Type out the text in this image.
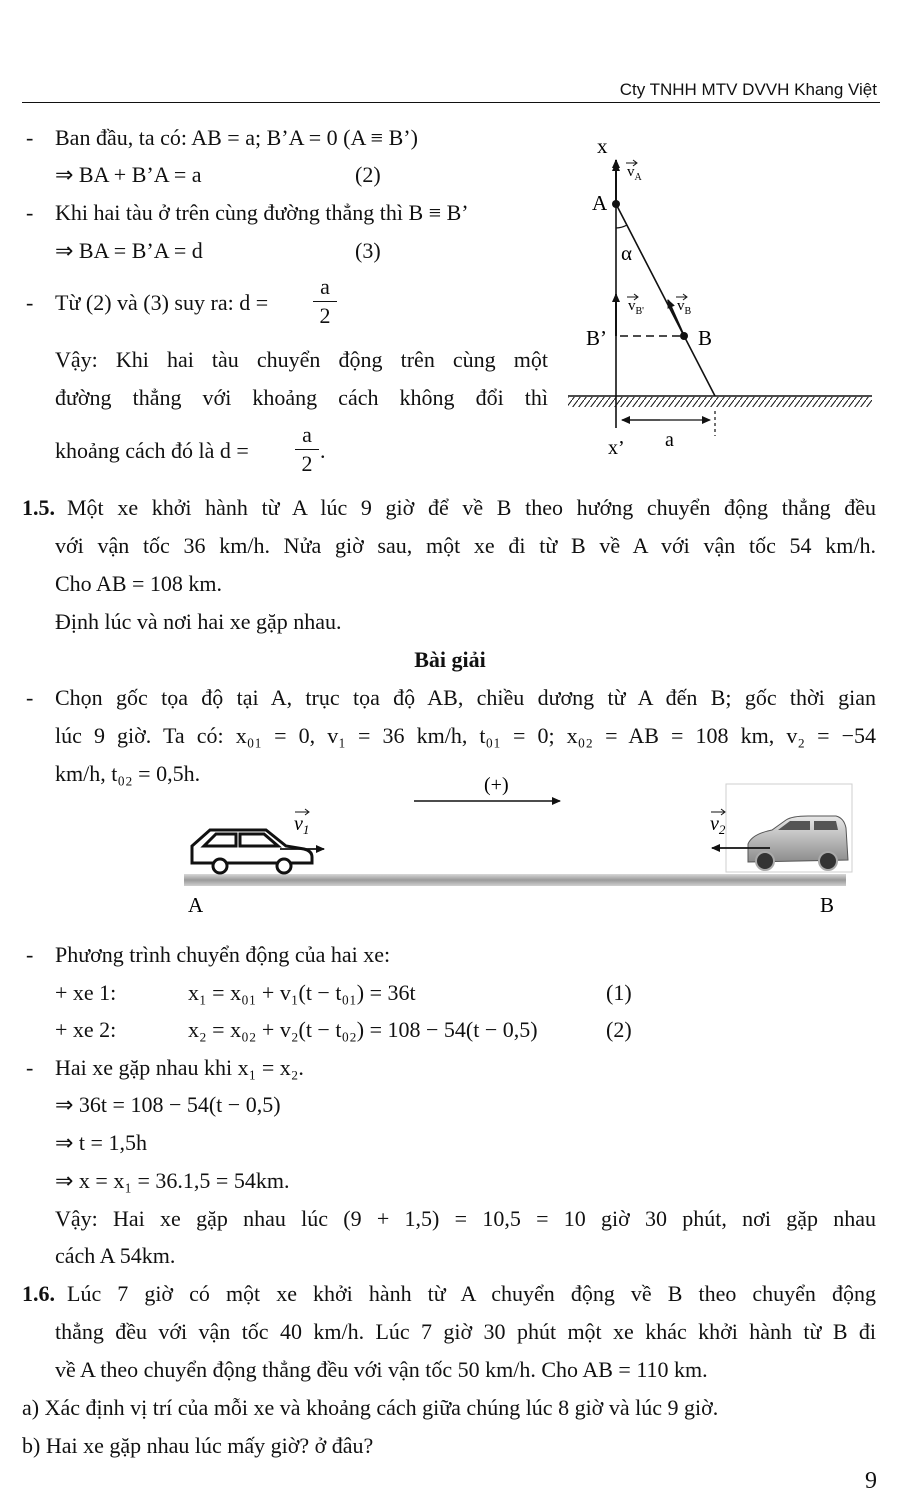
Cty TNHH MTV DVVH Khang Việt
- Ban đầu, ta có: AB = a; B’A = 0 (A ≡ B’)
⇒ BA + B’A = a	(2)
- Khi hai tàu ở trên cùng đường thẳng thì B ≡ B’
⇒ BA = B’A = d	(3)
- Từ (2) và (3) suy ra: d =
a
2
Vậy: Khi hai tàu chuyển động trên cùng một
đường thẳng với khoảng cách không đổi thì
khoảng cách đó là d =
a
2
.
x
x’
$v_A$
A
α
$v_{B'}$ $v_B$
B’	B
a
1.5. Một xe khởi hành từ A lúc 9 giờ để về B theo hướng chuyển động thẳng đều
với vận tốc 36 km/h. Nửa giờ sau, một xe đi từ B về A với vận tốc 54 km/h.
Cho AB = 108 km.
Định lúc và nơi hai xe gặp nhau.
Bài giải
- Chọn gốc tọa độ tại A, trục tọa độ AB, chiều dương từ A đến B; gốc thời gian
lúc 9 giờ. Ta có: x₀₁ = 0, v₁ = 36 km/h, t₀₁ = 0; x₀₂ = AB = 108 km, v₂ = −54
km/h, t₀₂ = 0,5h.	(+)
$v_1$	$v_2$
A	B
- Phương trình chuyển động của hai xe:
+ xe 1:	x₁ = x₀₁ + v₁(t − t₀₁) = 36t	(1)
+ xe 2:	x₂ = x₀₂ + v₂(t − t₀₂) = 108 − 54(t − 0,5)	(2)
- Hai xe gặp nhau khi x₁ = x₂.
⇒ 36t = 108 − 54(t − 0,5)
⇒ t = 1,5h
⇒ x = x₁ = 36.1,5 = 54km.
Vậy: Hai xe gặp nhau lúc (9 + 1,5) = 10,5 = 10 giờ 30 phút, nơi gặp nhau
cách A 54km.
1.6. Lúc 7 giờ có một xe khởi hành từ A chuyển động về B theo chuyển động
thẳng đều với vận tốc 40 km/h. Lúc 7 giờ 30 phút một xe khác khởi hành từ B đi
về A theo chuyển động thẳng đều với vận tốc 50 km/h. Cho AB = 110 km.
a) Xác định vị trí của mỗi xe và khoảng cách giữa chúng lúc 8 giờ và lúc 9 giờ.
b) Hai xe gặp nhau lúc mấy giờ? ở đâu?
9
